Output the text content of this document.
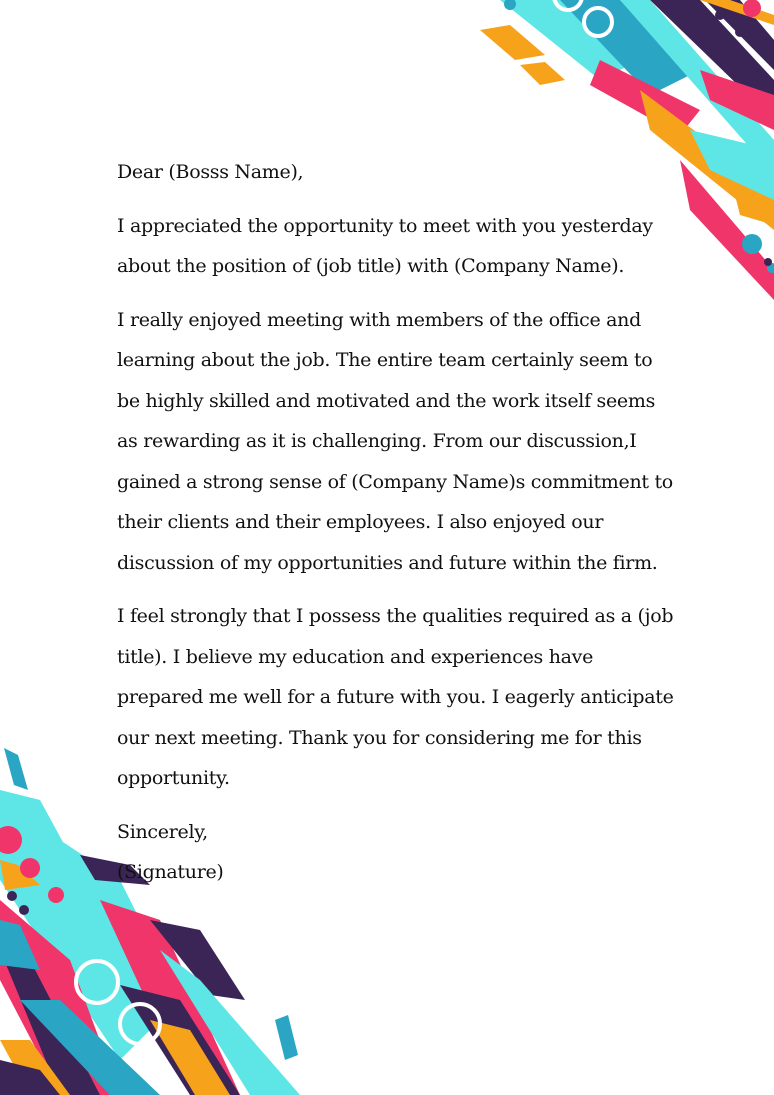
Dear (Bosss Name),

I appreciated the opportunity to meet with you yesterday about the position of (job title) with (Company Name).

I really enjoyed meeting with members of the office and learning about the job. The entire team certainly seem to be highly skilled and motivated and the work itself seems as rewarding as it is challenging. From our discussion,I gained a strong sense of (Company Name)s commitment to their clients and their employees. I also enjoyed our discussion of my opportunities and future within the firm.

I feel strongly that I possess the qualities required as a (job title). I believe my education and experiences have prepared me well for a future with you. I eagerly anticipate our next meeting. Thank you for considering me for this opportunity.

Sincerely,

(Signature)
